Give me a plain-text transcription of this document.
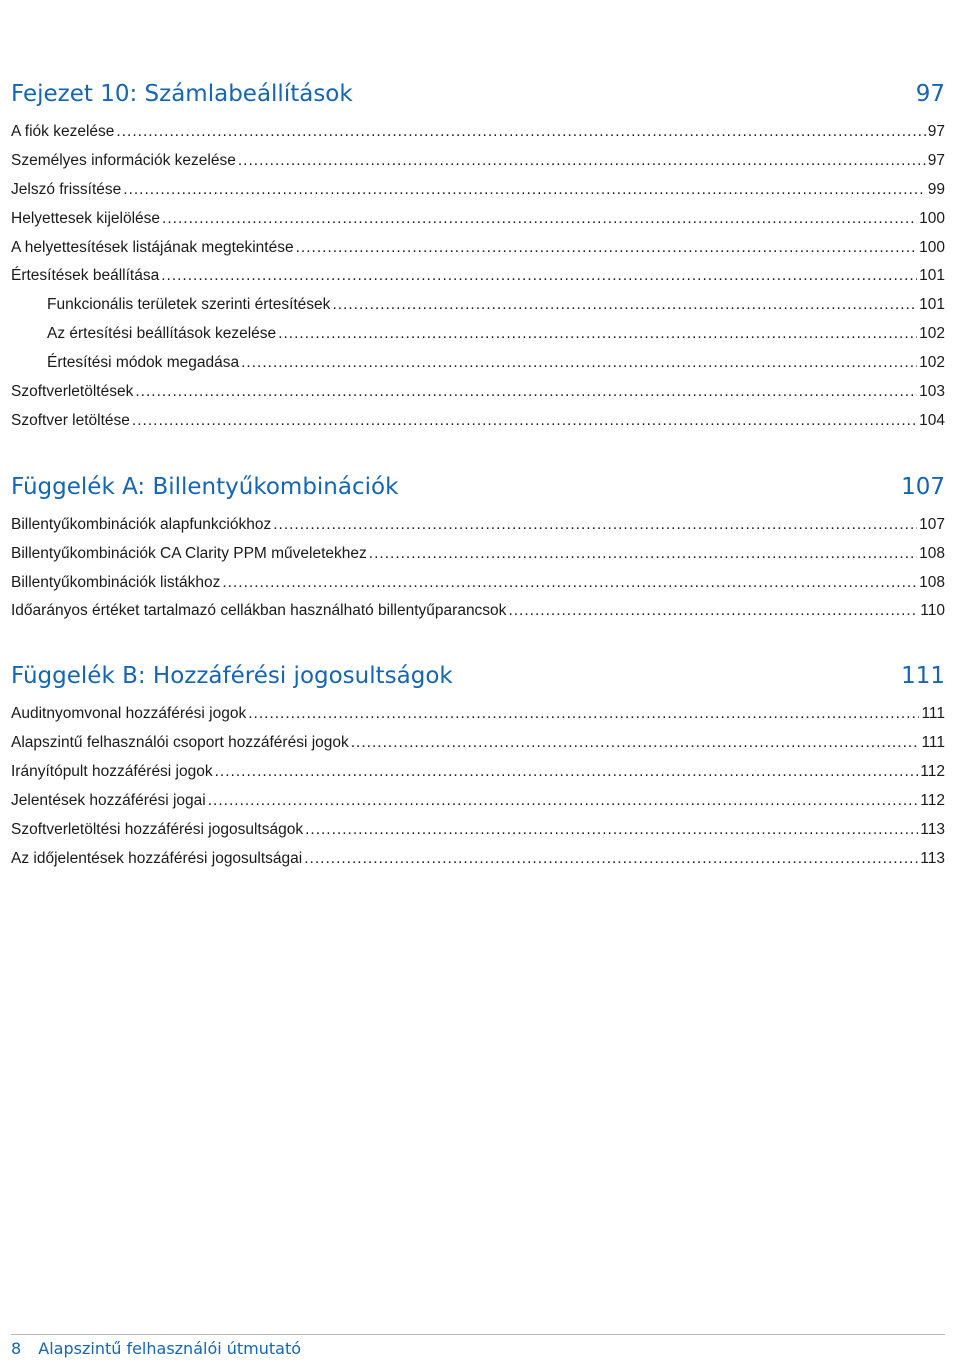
Fejezet 10: Számlabeállítások	97
A fiók kezelése .....	97
Személyes információk kezelése .....	97
Jelszó frissítése .....	99
Helyettesek kijelölése .....	100
A helyettesítések listájának megtekintése .....	100
Értesítések beállítása .....	101
Funkcionális területek szerinti értesítések .....	101
Az értesítési beállítások kezelése .....	102
Értesítési módok megadása .....	102
Szoftverletöltések .....	103
Szoftver letöltése .....	104
Függelék A: Billentyűkombinációk	107
Billentyűkombinációk alapfunkciókhoz .....	107
Billentyűkombinációk CA Clarity PPM műveletekhez .....	108
Billentyűkombinációk listákhoz .....	108
Időarányos értéket tartalmazó cellákban használható billentyűparancsok .....	110
Függelék B: Hozzáférési jogosultságok	111
Auditnyomvonal hozzáférési jogok .....	111
Alapszintű felhasználói csoport hozzáférési jogok .....	111
Irányítópult hozzáférési jogok .....	112
Jelentések hozzáférési jogai .....	112
Szoftverletöltési hozzáférési jogosultságok .....	113
Az időjelentések hozzáférési jogosultságai .....	113
8 Alapszintű felhasználói útmutató
